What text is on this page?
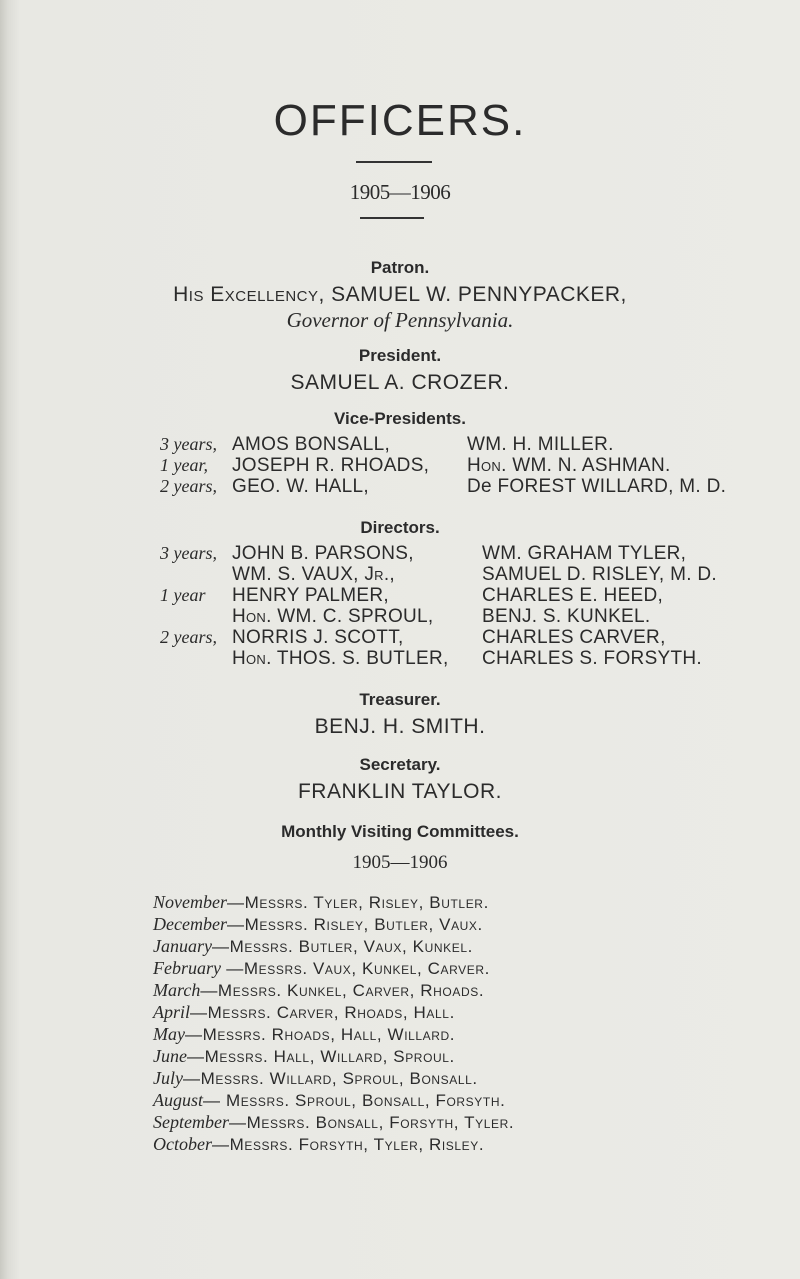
OFFICERS.
1905—1906
Patron.
His Excellency, SAMUEL W. PENNYPACKER,
Governor of Pennsylvania.
President.
SAMUEL A. CROZER.
Vice-Presidents.
3 years, AMOS BONSALL,	WM. H. MILLER.
1 year, JOSEPH R. RHOADS, Hon. WM. N. ASHMAN.
2 years, GEO. W. HALL,	De FOREST WILLARD, M. D.
Directors.
3 years, JOHN B. PARSONS,	WM. GRAHAM TYLER,
WM. S. VAUX, Jr.,	SAMUEL D. RISLEY, M. D.
1 year HENRY PALMER,	CHARLES E. HEED,
Hon. WM. C. SPROUL,	BENJ. S. KUNKEL.
2 years, NORRIS J. SCOTT,	CHARLES CARVER,
Hon. THOS. S. BUTLER, CHARLES S. FORSYTH.
Treasurer.
BENJ. H. SMITH.
Secretary.
FRANKLIN TAYLOR.
Monthly Visiting Committees.
1905—1906
November—Messrs. Tyler, Risley, Butler.
December—Messrs. Risley, Butler, Vaux.
January—Messrs. Butler, Vaux, Kunkel.
February —Messrs. Vaux, Kunkel, Carver.
March—Messrs. Kunkel, Carver, Rhoads.
April—Messrs. Carver, Rhoads, Hall.
May—Messrs. Rhoads, Hall, Willard.
June—Messrs. Hall, Willard, Sproul.
July—Messrs. Willard, Sproul, Bonsall.
August— Messrs. Sproul, Bonsall, Forsyth.
September—Messrs. Bonsall, Forsyth, Tyler.
October—Messrs. Forsyth, Tyler, Risley.
